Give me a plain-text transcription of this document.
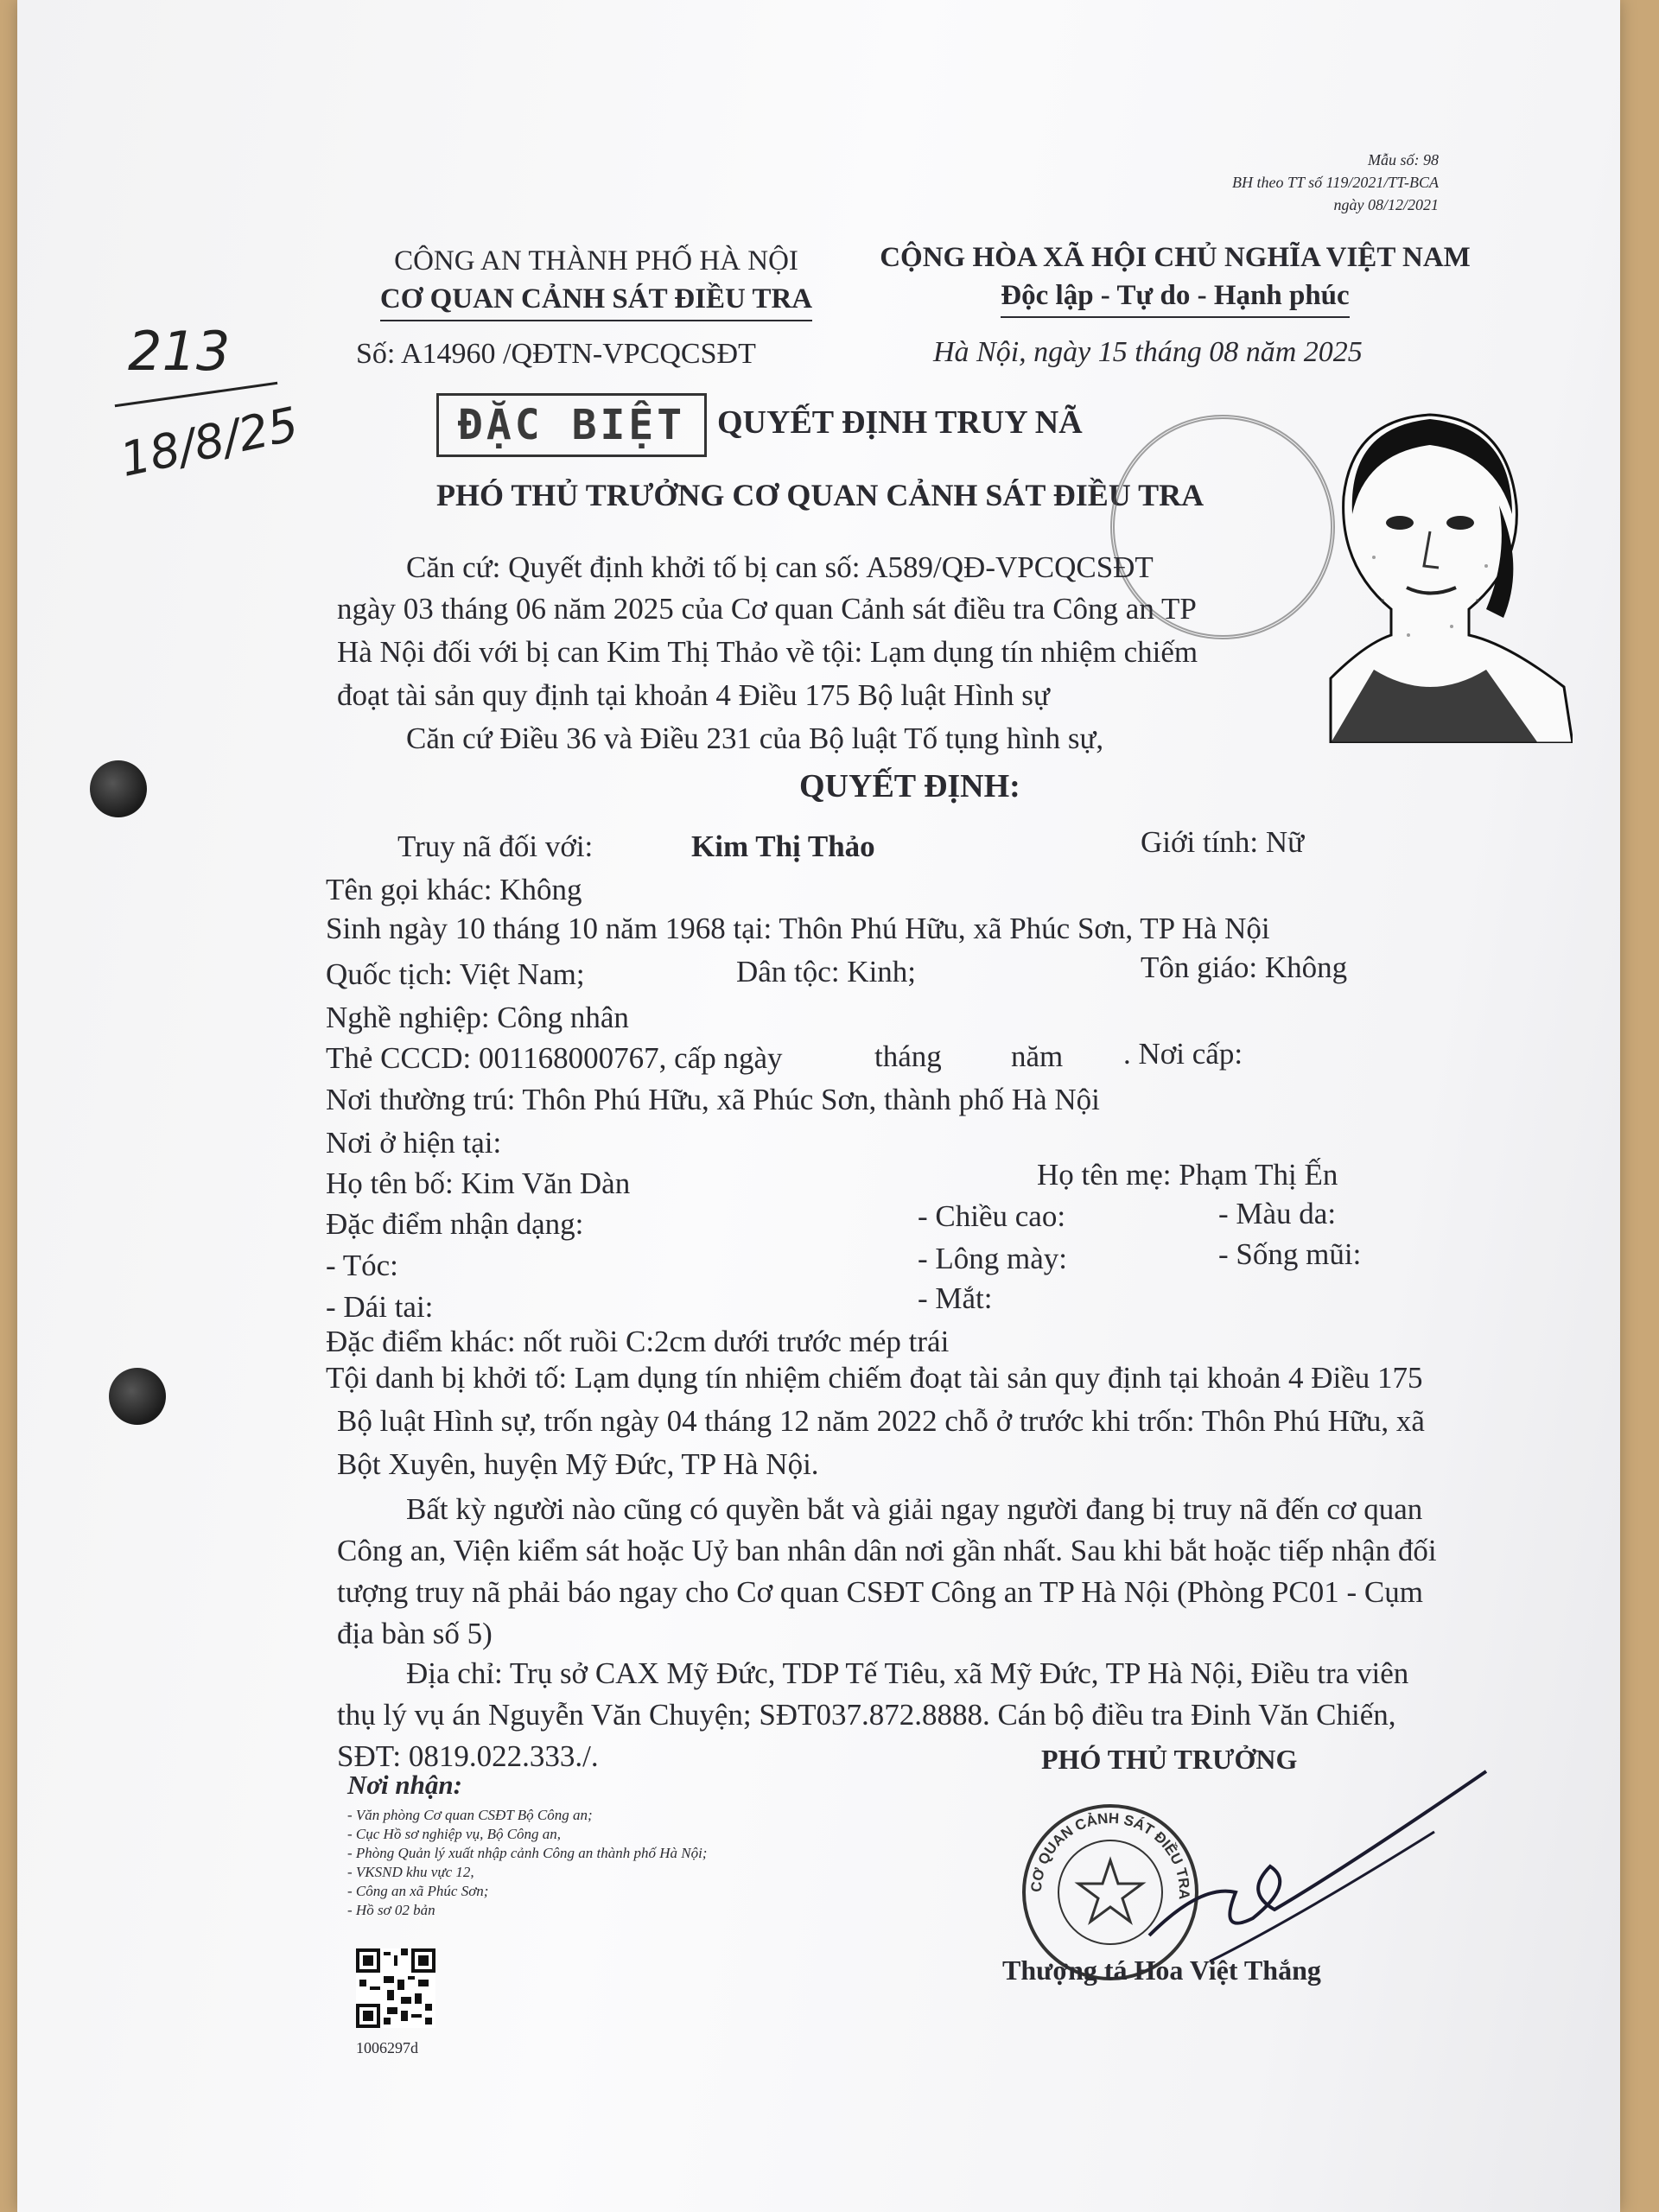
Mẫu số: 98
BH theo TT số 119/2021/TT-BCA
ngày 08/12/2021
CÔNG AN THÀNH PHỐ HÀ NỘI
CƠ QUAN CẢNH SÁT ĐIỀU TRA
Số: A14960 /QĐTN-VPCQCSĐT
CỘNG HÒA XÃ HỘI CHỦ NGHĨA VIỆT NAM
Độc lập - Tự do - Hạnh phúc
Hà Nội, ngày 15 tháng 08 năm 2025
213
18/8/25	ĐẶC BIỆT QUYẾT ĐỊNH TRUY NÃ
PHÓ THỦ TRƯỞNG CƠ QUAN CẢNH SÁT ĐIỀU TRA
Căn cứ: Quyết định khởi tố bị can số: A589/QĐ-VPCQCSĐT
ngày 03 tháng 06 năm 2025 của Cơ quan Cảnh sát điều tra Công an TP
Hà Nội đối với bị can Kim Thị Thảo về tội: Lạm dụng tín nhiệm chiếm
đoạt tài sản quy định tại khoản 4 Điều 175 Bộ luật Hình sự
Căn cứ Điều 36 và Điều 231 của Bộ luật Tố tụng hình sự,
QUYẾT ĐỊNH:
Truy nã đối với:	Kim Thị Thảo	Giới tính: Nữ
Tên gọi khác: Không
Sinh ngày 10 tháng 10 năm 1968 tại: Thôn Phú Hữu, xã Phúc Sơn, TP Hà Nội
Quốc tịch: Việt Nam;	Dân tộc: Kinh;	Tôn giáo: Không
Nghề nghiệp: Công nhân
Thẻ CCCD: 001168000767, cấp ngày	tháng năm . Nơi cấp:
Nơi thường trú: Thôn Phú Hữu, xã Phúc Sơn, thành phố Hà Nội
Nơi ở hiện tại:
Họ tên bố: Kim Văn Dàn	Họ tên mẹ: Phạm Thị Ến
Đặc điểm nhận dạng:	- Chiều cao:	- Màu da:
- Tóc:	- Lông mày:	- Sống mũi:
- Dái tai:	- Mắt:
Đặc điểm khác: nốt ruồi C:2cm dưới trước mép trái
Tội danh bị khởi tố: Lạm dụng tín nhiệm chiếm đoạt tài sản quy định tại khoản 4 Điều 175
Bộ luật Hình sự, trốn ngày 04 tháng 12 năm 2022 chỗ ở trước khi trốn: Thôn Phú Hữu, xã
Bột Xuyên, huyện Mỹ Đức, TP Hà Nội.
Bất kỳ người nào cũng có quyền bắt và giải ngay người đang bị truy nã đến cơ quan
Công an, Viện kiểm sát hoặc Uỷ ban nhân dân nơi gần nhất. Sau khi bắt hoặc tiếp nhận đối
tượng truy nã phải báo ngay cho Cơ quan CSĐT Công an TP Hà Nội (Phòng PC01 - Cụm
địa bàn số 5)
Địa chỉ: Trụ sở CAX Mỹ Đức, TDP Tế Tiêu, xã Mỹ Đức, TP Hà Nội, Điều tra viên
thụ lý vụ án Nguyễn Văn Chuyện; SĐT037.872.8888. Cán bộ điều tra Đinh Văn Chiến,
SĐT: 0819.022.333./.
Nơi nhận:
- Văn phòng Cơ quan CSĐT Bộ Công an;
- Cục Hồ sơ nghiệp vụ, Bộ Công an,
- Phòng Quản lý xuất nhập cảnh Công an thành phố Hà Nội;
- VKSND khu vực 12,
- Công an xã Phúc Sơn;
- Hồ sơ 02 bản
1006297d
PHÓ THỦ TRƯỞNG
CƠ QUAN CẢNH SÁT ĐIỀU TRA
Thượng tá Hoa Việt Thắng
